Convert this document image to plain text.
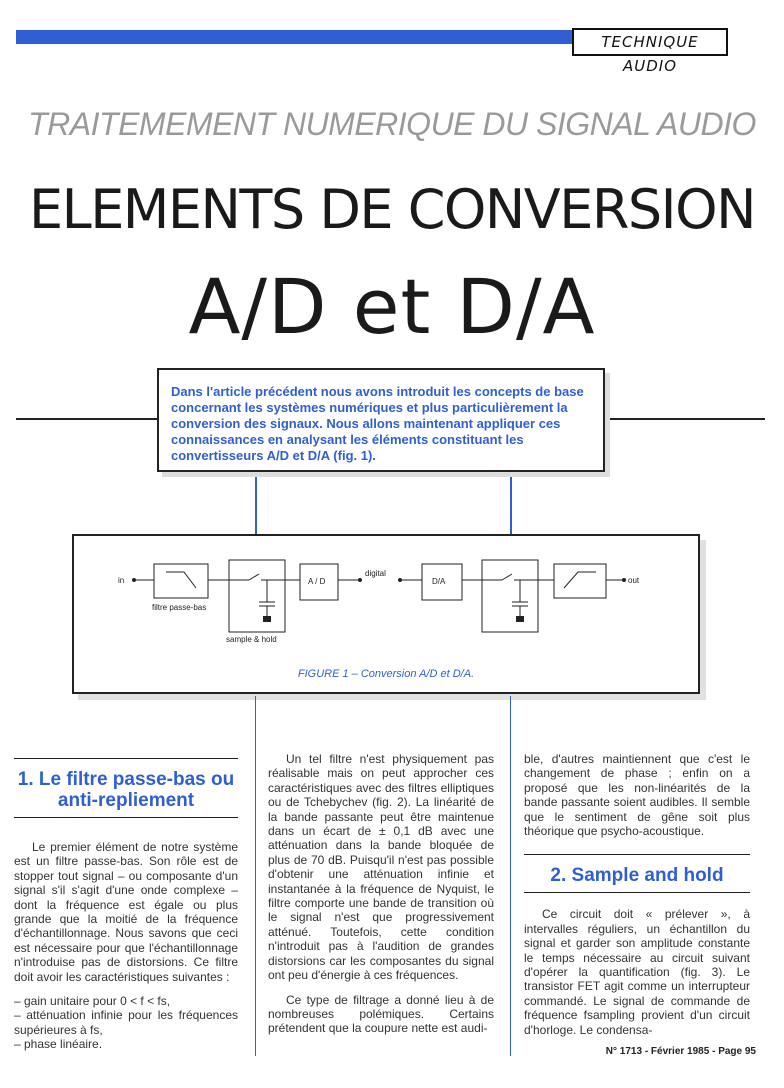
TECHNIQUE AUDIO
TRAITEMEMENT NUMERIQUE DU SIGNAL AUDIO
ELEMENTS DE CONVERSION
A/D et D/A
Dans l'article précédent nous avons introduit les concepts de base concernant les systèmes numériques et plus particulièrement la conversion des signaux. Nous allons maintenant appliquer ces connaissances en analysant les éléments constituant les convertisseurs A/D et D/A (fig. 1).
in	out
filtre passe-bas
sample & hold
A / D
digital
D/A
FIGURE 1 – Conversion A/D et D/A.
1. Le filtre passe-bas ou anti-repliement

Le premier élément de notre système est un filtre passe-bas. Son rôle est de stopper tout signal – ou composante d'un signal s'il s'agit d'une onde complexe – dont la fréquence est égale ou plus grande que la moitié de la fréquence d'échantillonnage. Nous savons que ceci est nécessaire pour que l'échantillonnage n'introduise pas de distorsions. Ce filtre doit avoir les caractéristiques suivantes :

– gain unitaire pour 0 < f < fs,
– atténuation infinie pour les fréquences supérieures à fs,
– phase linéaire.

Un tel filtre n'est physiquement pas réalisable mais on peut approcher ces caractéristiques avec des filtres elliptiques ou de Tchebychev (fig. 2). La linéarité de la bande passante peut être maintenue dans un écart de ± 0,1 dB avec une atténuation dans la bande bloquée de plus de 70 dB. Puisqu'il n'est pas possible d'obtenir une atténuation infinie et instantanée à la fréquence de Nyquist, le filtre comporte une bande de transition où le signal n'est que progressivement atténué. Toutefois, cette condition n'introduit pas à l'audition de grandes distorsions car les composantes du signal ont peu d'énergie à ces fréquences.

Ce type de filtrage a donné lieu à de nombreuses polémiques. Certains prétendent que la coupure nette est audi-

ble, d'autres maintiennent que c'est le changement de phase ; enfin on a proposé que les non-linéarités de la bande passante soient audibles. Il semble que le sentiment de gêne soit plus théorique que psycho-acoustique.

2. Sample and hold

Ce circuit doit « prélever », à intervalles réguliers, un échantillon du signal et garder son amplitude constante le temps nécessaire au circuit suivant d'opérer la quantification (fig. 3). Le transistor FET agit comme un interrupteur commandé. Le signal de commande de fréquence fsampling provient d'un circuit d'horloge. Le condensa-

N° 1713 - Février 1985 - Page 95
